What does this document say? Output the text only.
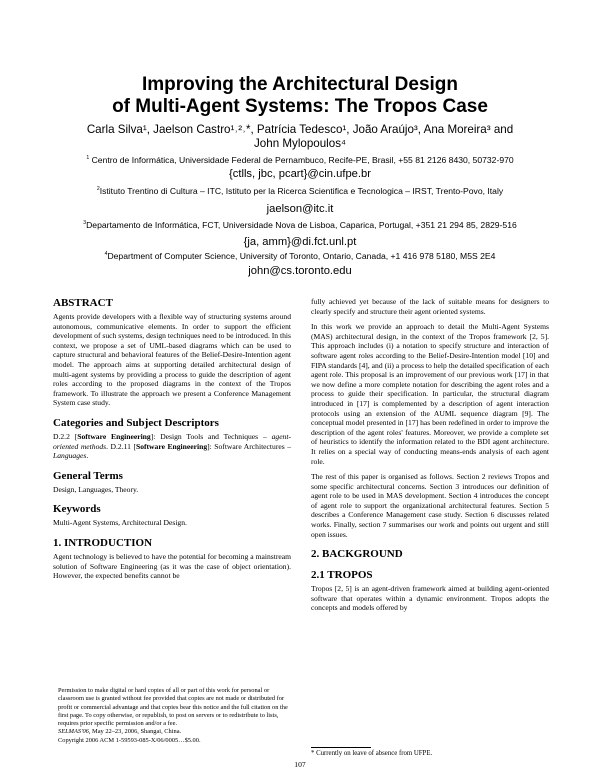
Improving the Architectural Design
of Multi-Agent Systems: The Tropos Case
Carla Silva¹, Jaelson Castro¹˒²˒*, Patrícia Tedesco¹, João Araújo³, Ana Moreira³ and
John Mylopoulos⁴
$^1$ Centro de Informática, Universidade Federal de Pernambuco, Recife-PE, Brasil, +55 81 2126 8430, 50732-970
{ctlls, jbc, pcart}@cin.ufpe.br
$^2$Istituto Trentino di Cultura – ITC, Istituto per la Ricerca Scientifica e Tecnologica – IRST, Trento-Povo, Italy
jaelson@itc.it
$^3$Departamento de Informática, FCT, Universidade Nova de Lisboa, Caparica, Portugal, +351 21 294 85, 2829-516
{ja, amm}@di.fct.unl.pt
$^4$Department of Computer Science, University of Toronto, Ontario, Canada, +1 416 978 5180, M5S 2E4
john@cs.toronto.edu
ABSTRACT

Agents provide developers with a flexible way of structuring systems around autonomous, communicative elements. In order to support the efficient development of such systems, design techniques need to be introduced. In this context, we propose a set of UML-based diagrams which can be used to capture structural and behavioral features of the Belief-Desire-Intention agent model. The approach aims at supporting detailed architectural design of multi-agent systems by providing a process to guide the description of agent roles according to the proposed diagrams in the context of the Tropos framework. To illustrate the approach we present a Conference Management System case study.

Categories and Subject Descriptors

D.2.2 [Software Engineering]: Design Tools and Techniques – agent-oriented methods. D.2.11 [Software Engineering]: Software Architectures – Languages.

General Terms

Design, Languages, Theory.

Keywords

Multi-Agent Systems, Architectural Design.

1. INTRODUCTION

Agent technology is believed to have the potential for becoming a mainstream solution of Software Engineering (as it was the case of object orientation). However, the expected benefits cannot be

Permission to make digital or hard copies of all or part of this work for personal or classroom use is granted without fee provided that copies are not made or distributed for profit or commercial advantage and that copies bear this notice and the full citation on the first page. To copy otherwise, or republish, to post on servers or to redistribute to lists, requires prior specific permission and/or a fee.
SELMAS'06, May 22–23, 2006, Shangai, China.
Copyright 2006 ACM 1-59593-085-X/06/0005…$5.00.

fully achieved yet because of the lack of suitable means for designers to clearly specify and structure their agent oriented systems.

In this work we provide an approach to detail the Multi-Agent Systems (MAS) architectural design, in the context of the Tropos framework [2, 5]. This approach includes (i) a notation to specify structure and interaction of software agent roles according to the Belief-Desire-Intention model [10] and FIPA standards [4], and (ii) a process to help the detailed specification of each agent role. This proposal is an improvement of our previous work [17] in that we now define a more complete notation for describing the agent roles and a process to guide their specification. In particular, the structural diagram introduced in [17] is complemented by a description of agent interaction protocols using an extension of the AUML sequence diagram [9]. The conceptual model presented in [17] has been redefined in order to improve the description of the agent roles' features. Moreover, we provide a complete set of heuristics to identify the information related to the BDI agent architecture. It relies on a special way of conducting means-ends analysis of each agent role.

The rest of this paper is organised as follows. Section 2 reviews Tropos and some specific architectural concerns. Section 3 introduces our definition of agent role to be used in MAS development. Section 4 introduces the concept of agent role to support the organizational architectural features. Section 5 describes a Conference Management case study. Section 6 discusses related works. Finally, section 7 summarises our work and points out urgent and still open issues.

2. BACKGROUND
2.1 TROPOS

Tropos [2, 5] is an agent-driven framework aimed at building agent-oriented software that operates within a dynamic environment. Tropos adopts the concepts and models offered by

* Currently on leave of absence from UFPE.
107
